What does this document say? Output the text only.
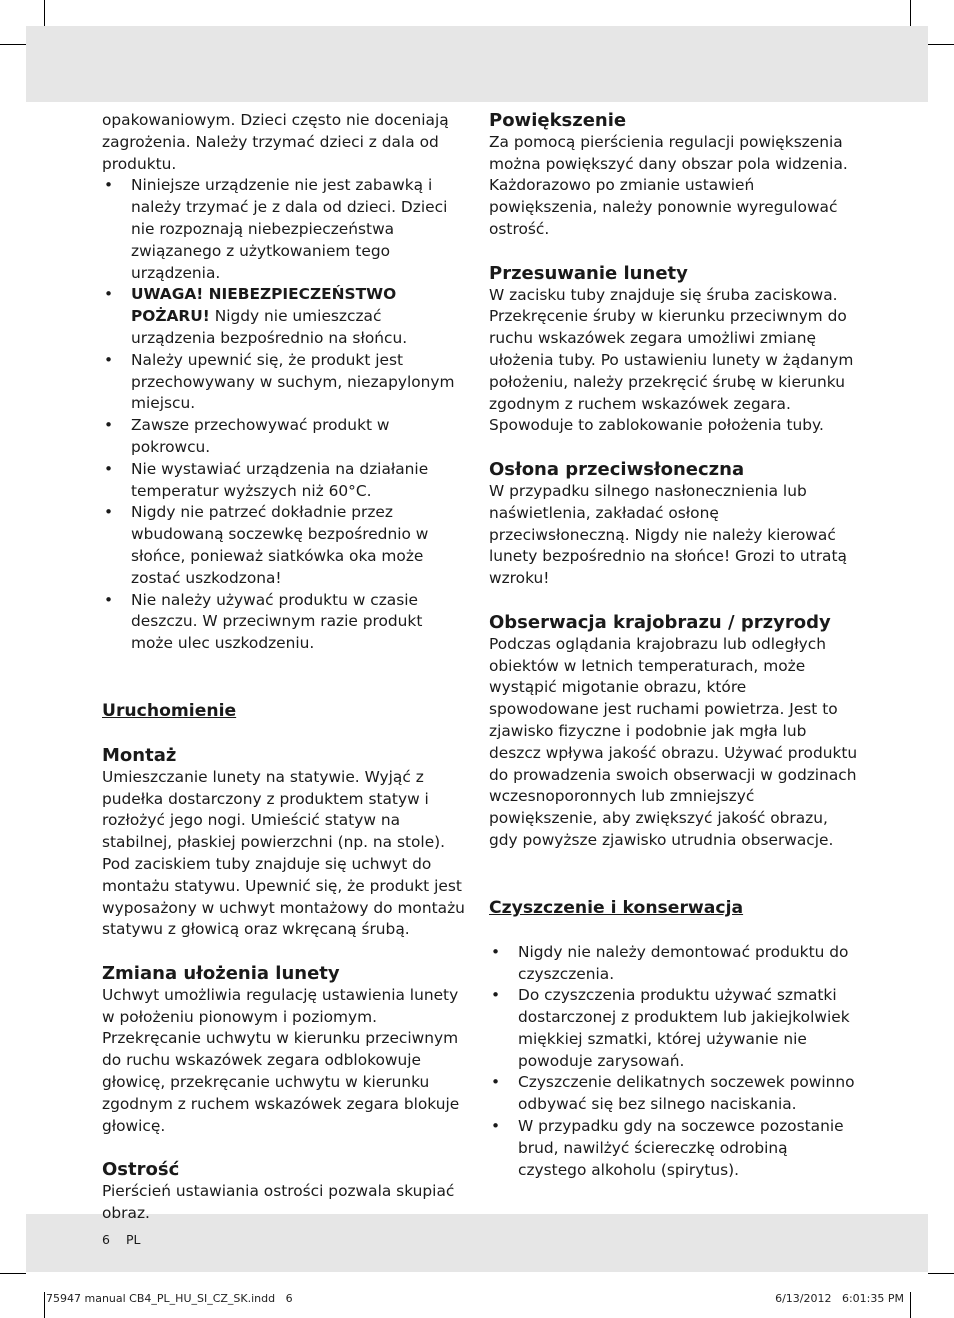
opakowaniowym. Dzieci często nie doceniają zagrożenia. Należy trzymać dzieci z dala od produktu.

• Niniejsze urządzenie nie jest zabawką i należy trzymać je z dala od dzieci. Dzieci nie rozpoznają niebezpieczeństwa związanego z użytkowaniem tego urządzenia.
• UWAGA! NIEBEZPIECZEŃSTWO POŻARU! Nigdy nie umieszczać urządzenia bezpośrednio na słońcu.
• Należy upewnić się, że produkt jest przechowywany w suchym, niezapylonym miejscu.
• Zawsze przechowywać produkt w pokrowcu.
• Nie wystawiać urządzenia na działanie temperatur wyższych niż 60°C.
• Nigdy nie patrzeć dokładnie przez wbudowaną soczewkę bezpośrednio w słońce, ponieważ siatkówka oka może zostać uszkodzona!
• Nie należy używać produktu w czasie deszczu. W przeciwnym razie produkt może ulec uszkodzeniu.
Uruchomienie
Montaż

Umieszczanie lunety na statywie. Wyjąć z pudełka dostarczony z produktem statyw i rozłożyć jego nogi. Umieścić statyw na stabilnej, płaskiej powierzchni (np. na stole). Pod zaciskiem tuby znajduje się uchwyt do montażu statywu. Upewnić się, że produkt jest wyposażony w uchwyt montażowy do montażu statywu z głowicą oraz wkręcaną śrubą.

Zmiana ułożenia lunety

Uchwyt umożliwia regulację ustawienia lunety w położeniu pionowym i poziomym. Przekręcanie uchwytu w kierunku przeciwnym do ruchu wskazówek zegara odblokowuje głowicę, przekręcanie uchwytu w kierunku zgodnym z ruchem wskazówek zegara blokuje głowicę.

Ostrość

Pierścień ustawiania ostrości pozwala skupiać obraz.

Powiększenie

Za pomocą pierścienia regulacji powiększenia można powiększyć dany obszar pola widzenia. Każdorazowo po zmianie ustawień powiększenia, należy ponownie wyregulować ostrość.

Przesuwanie lunety

W zacisku tuby znajduje się śruba zaciskowa. Przekręcenie śruby w kierunku przeciwnym do ruchu wskazówek zegara umożliwi zmianę ułożenia tuby. Po ustawieniu lunety w żądanym położeniu, należy przekręcić śrubę w kierunku zgodnym z ruchem wskazówek zegara. Spowoduje to zablokowanie położenia tuby.

Osłona przeciwsłoneczna

W przypadku silnego nasłonecznienia lub naświetlenia, zakładać osłonę przeciwsłoneczną. Nigdy nie należy kierować lunety bezpośrednio na słońce! Grozi to utratą wzroku!

Obserwacja krajobrazu / przyrody

Podczas oglądania krajobrazu lub odległych obiektów w letnich temperaturach, może wystąpić migotanie obrazu, które spowodowane jest ruchami powietrza. Jest to zjawisko fizyczne i podobnie jak mgła lub deszcz wpływa jakość obrazu. Używać produktu do prowadzenia swoich obserwacji w godzinach wczesnoporonnych lub zmniejszyć powiększenie, aby zwiększyć jakość obrazu, gdy powyższe zjawisko utrudnia obserwacje.

Czyszczenie i konserwacja
• Nigdy nie należy demontować produktu do czyszczenia.
• Do czyszczenia produktu używać szmatki dostarczonej z produktem lub jakiejkolwiek miękkiej szmatki, której używanie nie powoduje zarysowań.
• Czyszczenie delikatnych soczewek powinno odbywać się bez silnego naciskania.
• W przypadku gdy na soczewce pozostanie brud, nawilżyć ściereczkę odrobiną czystego alkoholu (spirytus).
6 PL
75947 manual CB4_PL_HU_SI_CZ_SK.indd   6	6/13/2012   6:01:35 PM
